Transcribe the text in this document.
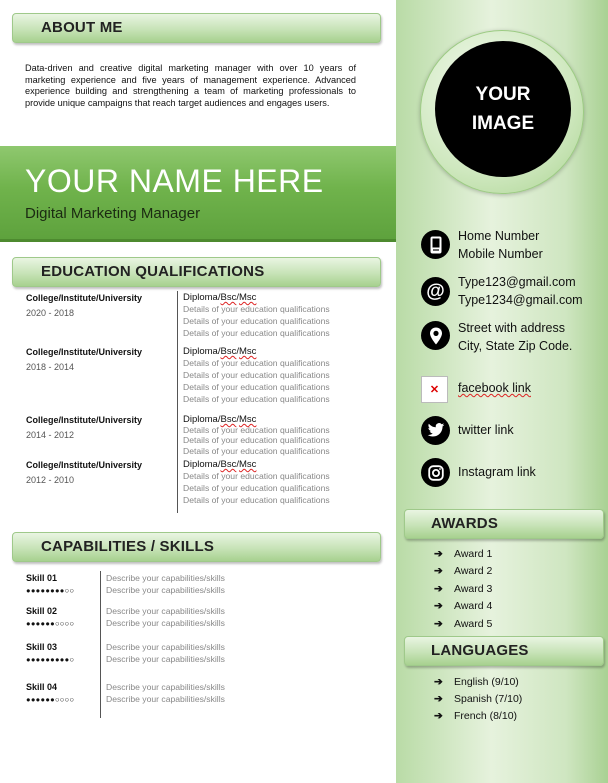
ABOUT ME
Data-driven and creative digital marketing manager with over 10 years of marketing experience and five years of management experience. Advanced experience building and strengthening a team of marketing professionals to provide unique campaigns that reach target audiences and engages users.
YOUR NAME HERE
Digital Marketing Manager
EDUCATION QUALIFICATIONS
College/Institute/University
2020 - 2018
Diploma/Bsc/Msc
Details of your education qualifications
Details of your education qualifications
Details of your education qualifications
College/Institute/University
2018 - 2014
Diploma/Bsc/Msc
Details of your education qualifications
Details of your education qualifications
Details of your education qualifications
Details of your education qualifications
College/Institute/University
2014 - 2012
Diploma/Bsc/Msc
Details of your education qualifications
Details of your education qualifications
Details of your education qualifications
College/Institute/University
2012 - 2010
Diploma/Bsc/Msc
Details of your education qualifications
Details of your education qualifications
Details of your education qualifications
CAPABILITIES / SKILLS
Skill 01
●●●●●●●●○○
Describe your capabilities/skills
Describe your capabilities/skills
Skill 02
●●●●●●○○○○
Describe your capabilities/skills
Describe your capabilities/skills
Skill 03
●●●●●●●●●○
Describe your capabilities/skills
Describe your capabilities/skills
Skill 04
●●●●●●○○○○
Describe your capabilities/skills
Describe your capabilities/skills
YOUR
IMAGE
Home Number
Mobile Number
@ Type123@gmail.com
Type1234@gmail.com
Street with address
City, State Zip Code.
✕ facebook link
twitter link
Instagram link
AWARDS
➔ Award 1
➔ Award 2
➔ Award 3
➔ Award 4
➔ Award 5
LANGUAGES
➔ English (9/10)
➔ Spanish (7/10)
➔ French (8/10)
